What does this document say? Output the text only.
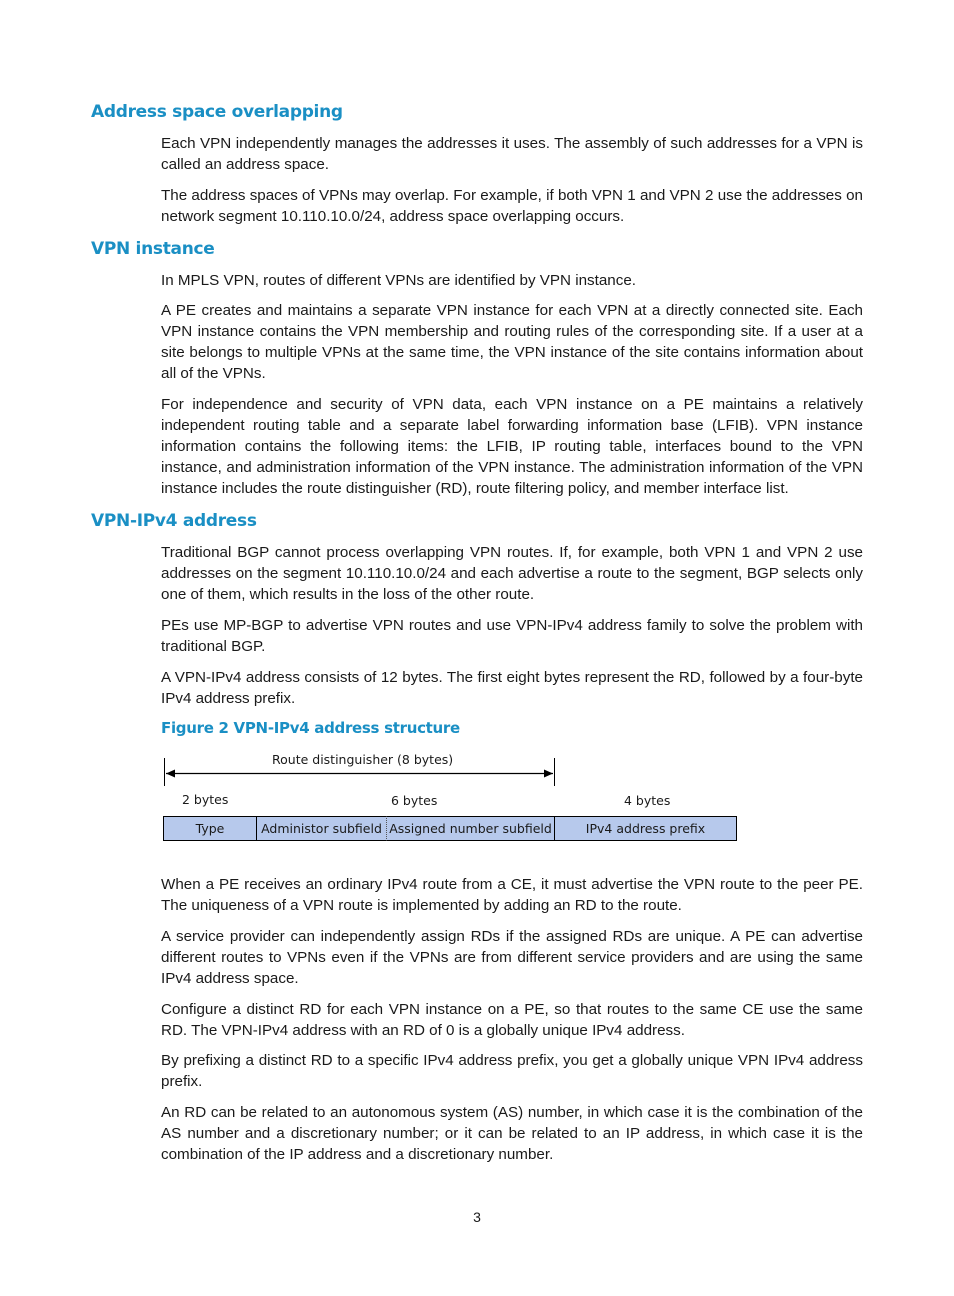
Address space overlapping

Each VPN independently manages the addresses it uses. The assembly of such addresses for a VPN is called an address space.

The address spaces of VPNs may overlap. For example, if both VPN 1 and VPN 2 use the addresses on network segment 10.110.10.0/24, address space overlapping occurs.

VPN instance

In MPLS VPN, routes of different VPNs are identified by VPN instance.

A PE creates and maintains a separate VPN instance for each VPN at a directly connected site. Each VPN instance contains the VPN membership and routing rules of the corresponding site. If a user at a site belongs to multiple VPNs at the same time, the VPN instance of the site contains information about all of the VPNs.

For independence and security of VPN data, each VPN instance on a PE maintains a relatively independent routing table and a separate label forwarding information base (LFIB). VPN instance information contains the following items: the LFIB, IP routing table, interfaces bound to the VPN instance, and administration information of the VPN instance. The administration information of the VPN instance includes the route distinguisher (RD), route filtering policy, and member interface list.

VPN-IPv4 address

Traditional BGP cannot process overlapping VPN routes. If, for example, both VPN 1 and VPN 2 use addresses on the segment 10.110.10.0/24 and each advertise a route to the segment, BGP selects only one of them, which results in the loss of the other route.

PEs use MP-BGP to advertise VPN routes and use VPN-IPv4 address family to solve the problem with traditional BGP.

A VPN-IPv4 address consists of 12 bytes. The first eight bytes represent the RD, followed by a four-byte IPv4 address prefix.

Figure 2 VPN-IPv4 address structure
Route distinguisher (8 bytes)
2 bytes	6 bytes	4 bytes
Type	Administor subfield Assigned number subfield	IPv4 address prefix

When a PE receives an ordinary IPv4 route from a CE, it must advertise the VPN route to the peer PE. The uniqueness of a VPN route is implemented by adding an RD to the route.

A service provider can independently assign RDs if the assigned RDs are unique. A PE can advertise different routes to VPNs even if the VPNs are from different service providers and are using the same IPv4 address space.

Configure a distinct RD for each VPN instance on a PE, so that routes to the same CE use the same RD. The VPN-IPv4 address with an RD of 0 is a globally unique IPv4 address.

By prefixing a distinct RD to a specific IPv4 address prefix, you get a globally unique VPN IPv4 address prefix.

An RD can be related to an autonomous system (AS) number, in which case it is the combination of the AS number and a discretionary number; or it can be related to an IP address, in which case it is the combination of the IP address and a discretionary number.

3
